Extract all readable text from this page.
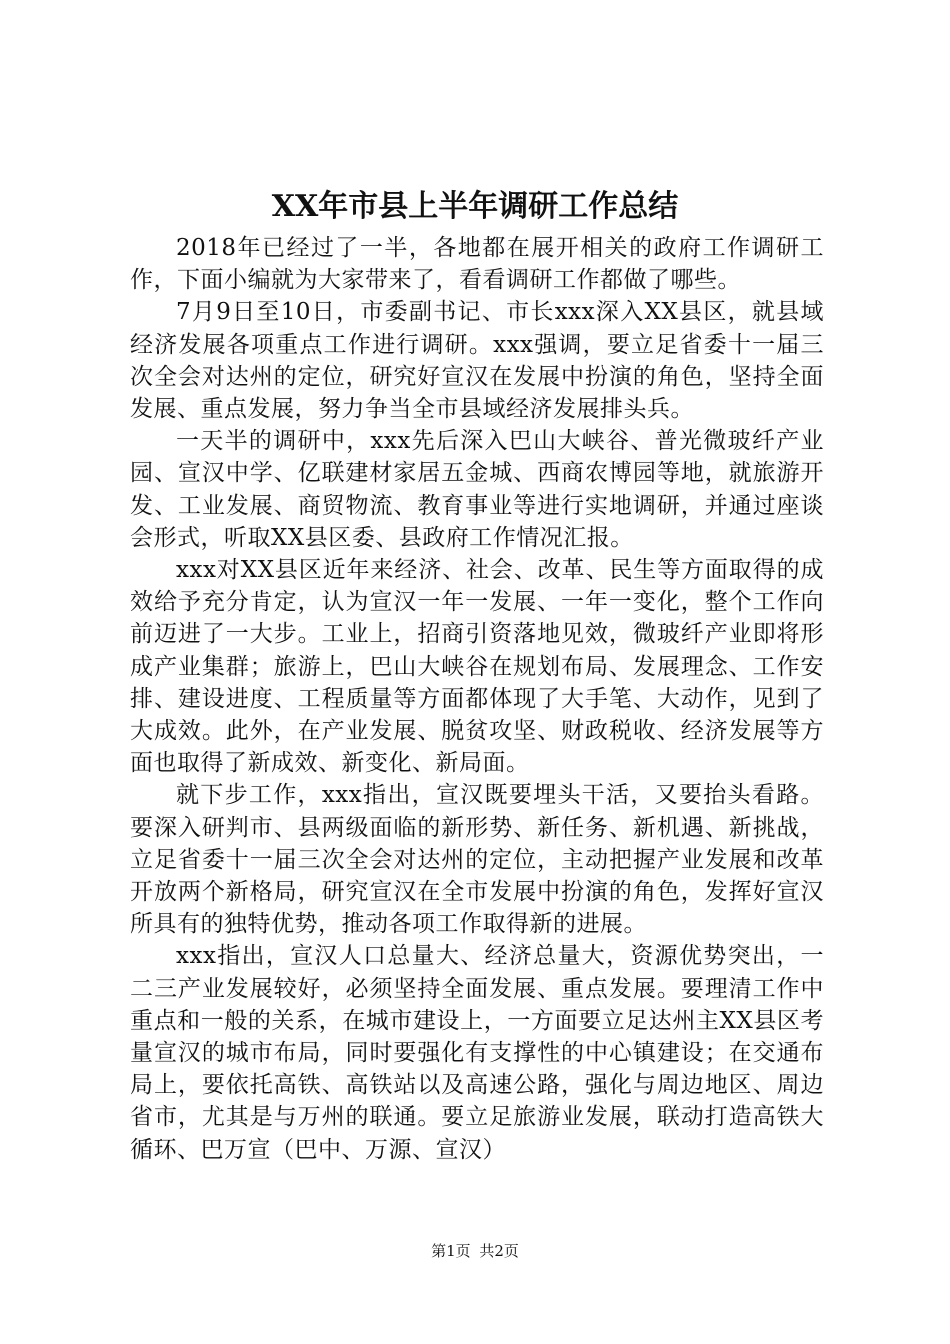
XX年市县上半年调研工作总结

2018年已经过了一半，各地都在展开相关的政府工作调研工作，下面小编就为大家带来了，看看调研工作都做了哪些。

7月9日至10日，市委副书记、市长xxx深入XX县区，就县域经济发展各项重点工作进行调研。xxx强调，要立足省委十一届三次全会对达州的定位，研究好宣汉在发展中扮演的角色，坚持全面发展、重点发展，努力争当全市县域经济发展排头兵。

一天半的调研中，xxx先后深入巴山大峡谷、普光微玻纤产业园、宣汉中学、亿联建材家居五金城、西商农博园等地，就旅游开发、工业发展、商贸物流、教育事业等进行实地调研，并通过座谈会形式，听取XX县区委、县政府工作情况汇报。

xxx对XX县区近年来经济、社会、改革、民生等方面取得的成效给予充分肯定，认为宣汉一年一发展、一年一变化，整个工作向前迈进了一大步。工业上，招商引资落地见效，微玻纤产业即将形成产业集群；旅游上，巴山大峡谷在规划布局、发展理念、工作安排、建设进度、工程质量等方面都体现了大手笔、大动作，见到了大成效。此外，在产业发展、脱贫攻坚、财政税收、经济发展等方面也取得了新成效、新变化、新局面。

就下步工作，xxx指出，宣汉既要埋头干活，又要抬头看路。要深入研判市、县两级面临的新形势、新任务、新机遇、新挑战，立足省委十一届三次全会对达州的定位，主动把握产业发展和改革开放两个新格局，研究宣汉在全市发展中扮演的角色，发挥好宣汉所具有的独特优势，推动各项工作取得新的进展。

xxx指出，宣汉人口总量大、经济总量大，资源优势突出，一二三产业发展较好，必须坚持全面发展、重点发展。要理清工作中重点和一般的关系，在城市建设上，一方面要立足达州主XX县区考量宣汉的城市布局，同时要强化有支撑性的中心镇建设；在交通布局上，要依托高铁、高铁站以及高速公路，强化与周边地区、周边省市，尤其是与万州的联通。要立足旅游业发展，联动打造高铁大循环、巴万宣（巴中、万源、宣汉）

第1页 共2页
